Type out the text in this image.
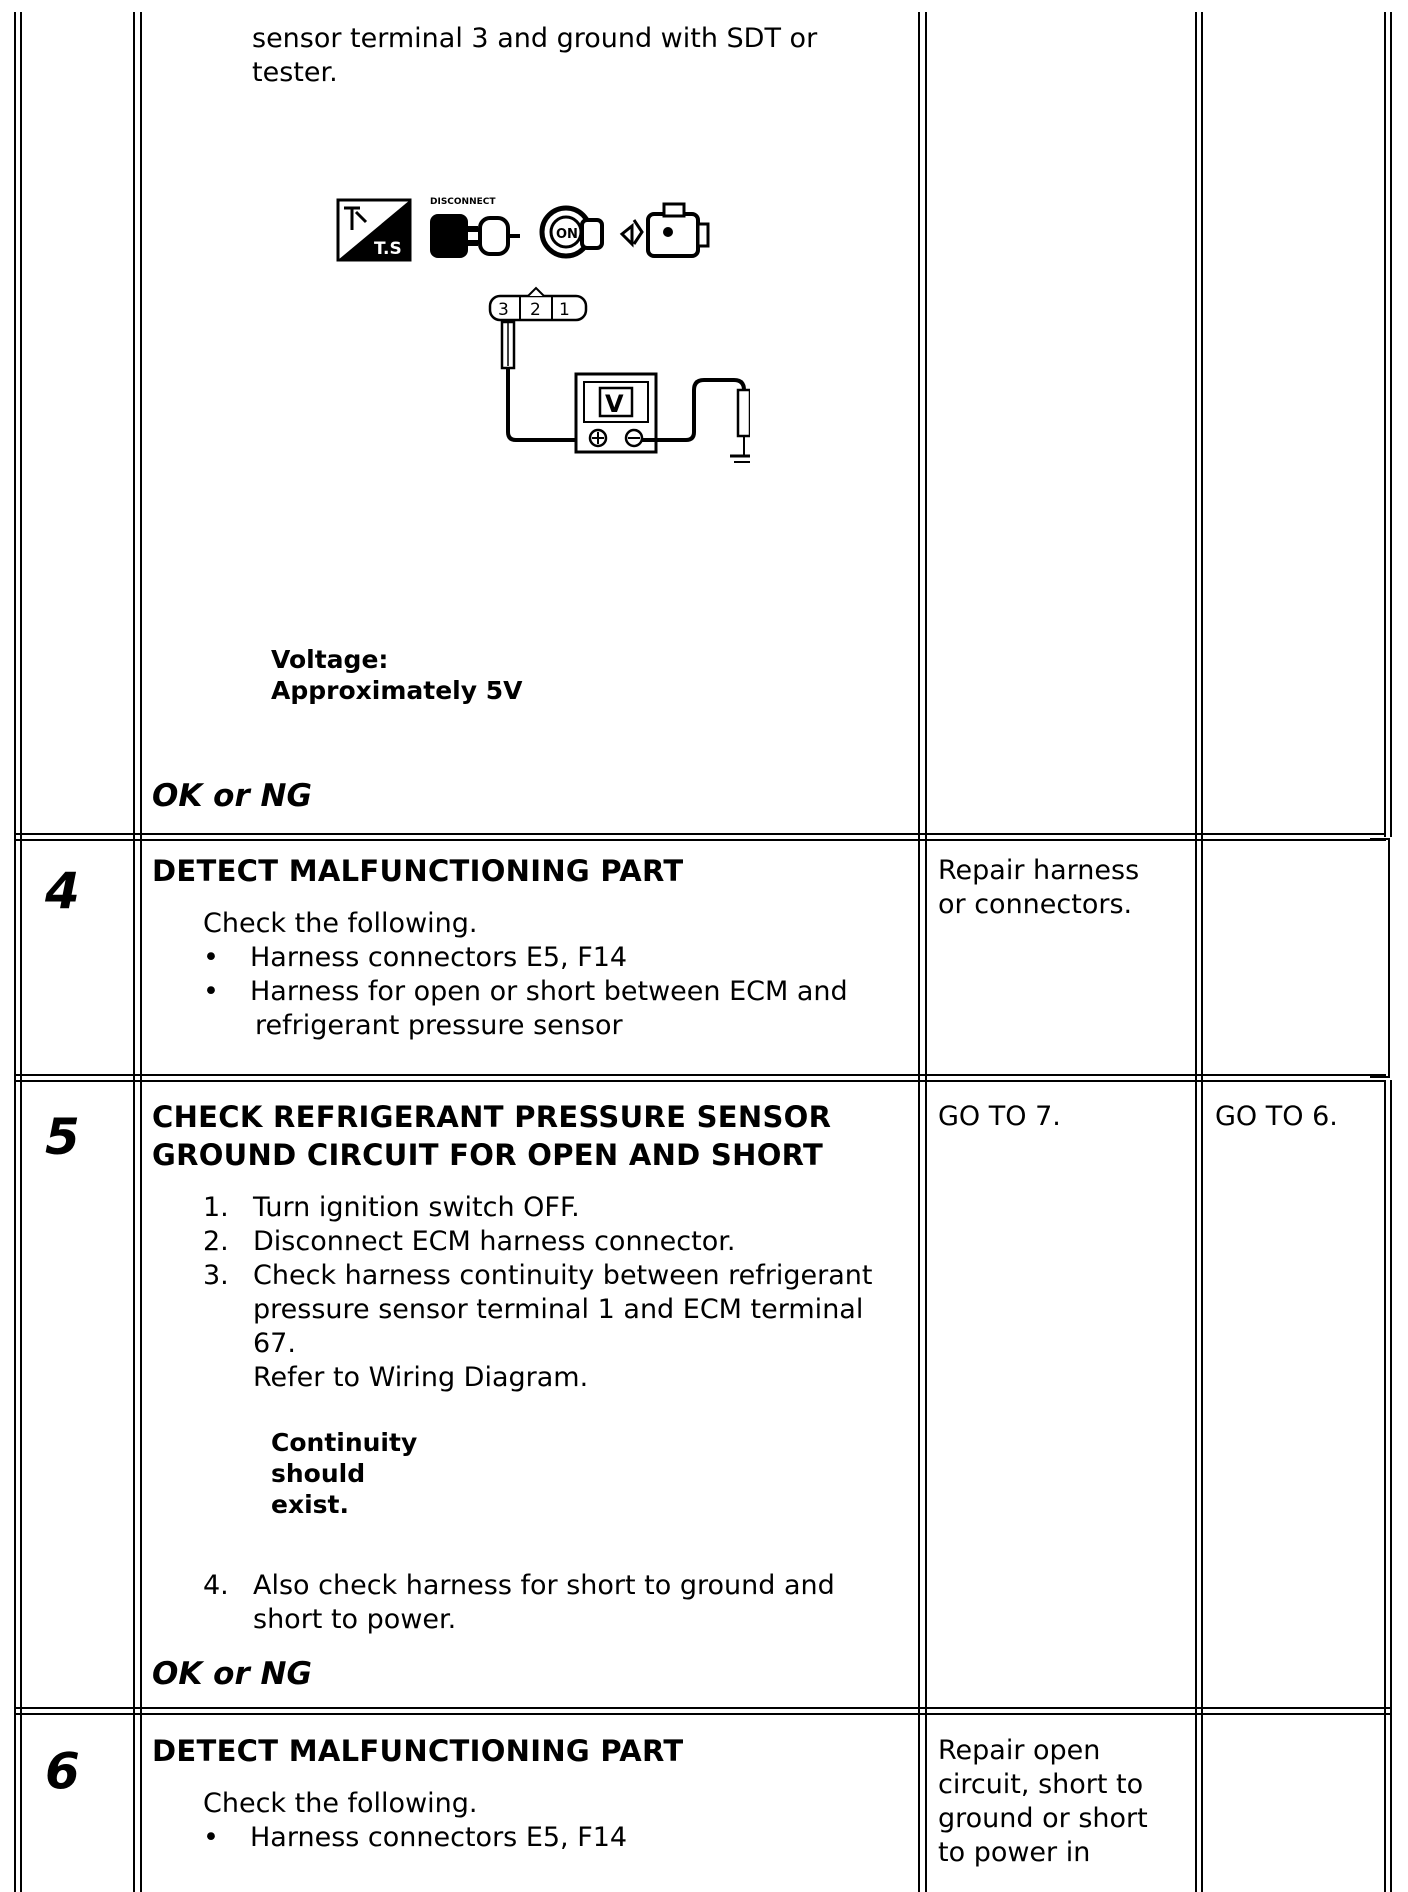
sensor terminal 3 and ground with SDT or
tester.
T.S
DISCONNECT
ON
3 2 1
V
Voltage:
Approximately 5V
OK or NG
4 DETECT MALFUNCTIONING PART
Check the following.
• Harness connectors E5, F14
• Harness for open or short between ECM and
refrigerant pressure sensor
Repair harness
or connectors.
5 CHECK REFRIGERANT PRESSURE SENSOR
GROUND CIRCUIT FOR OPEN AND SHORT
1. Turn ignition switch OFF.
2. Disconnect ECM harness connector.
3. Check harness continuity between refrigerant
pressure sensor terminal 1 and ECM terminal
67.
Refer to Wiring Diagram.
Continuity
should
exist.
4. Also check harness for short to ground and
short to power.
OK or NG
GO TO 7.	GO TO 6.
6 DETECT MALFUNCTIONING PART
Check the following.
• Harness connectors E5, F14
Repair open
circuit, short to
ground or short
to power in
